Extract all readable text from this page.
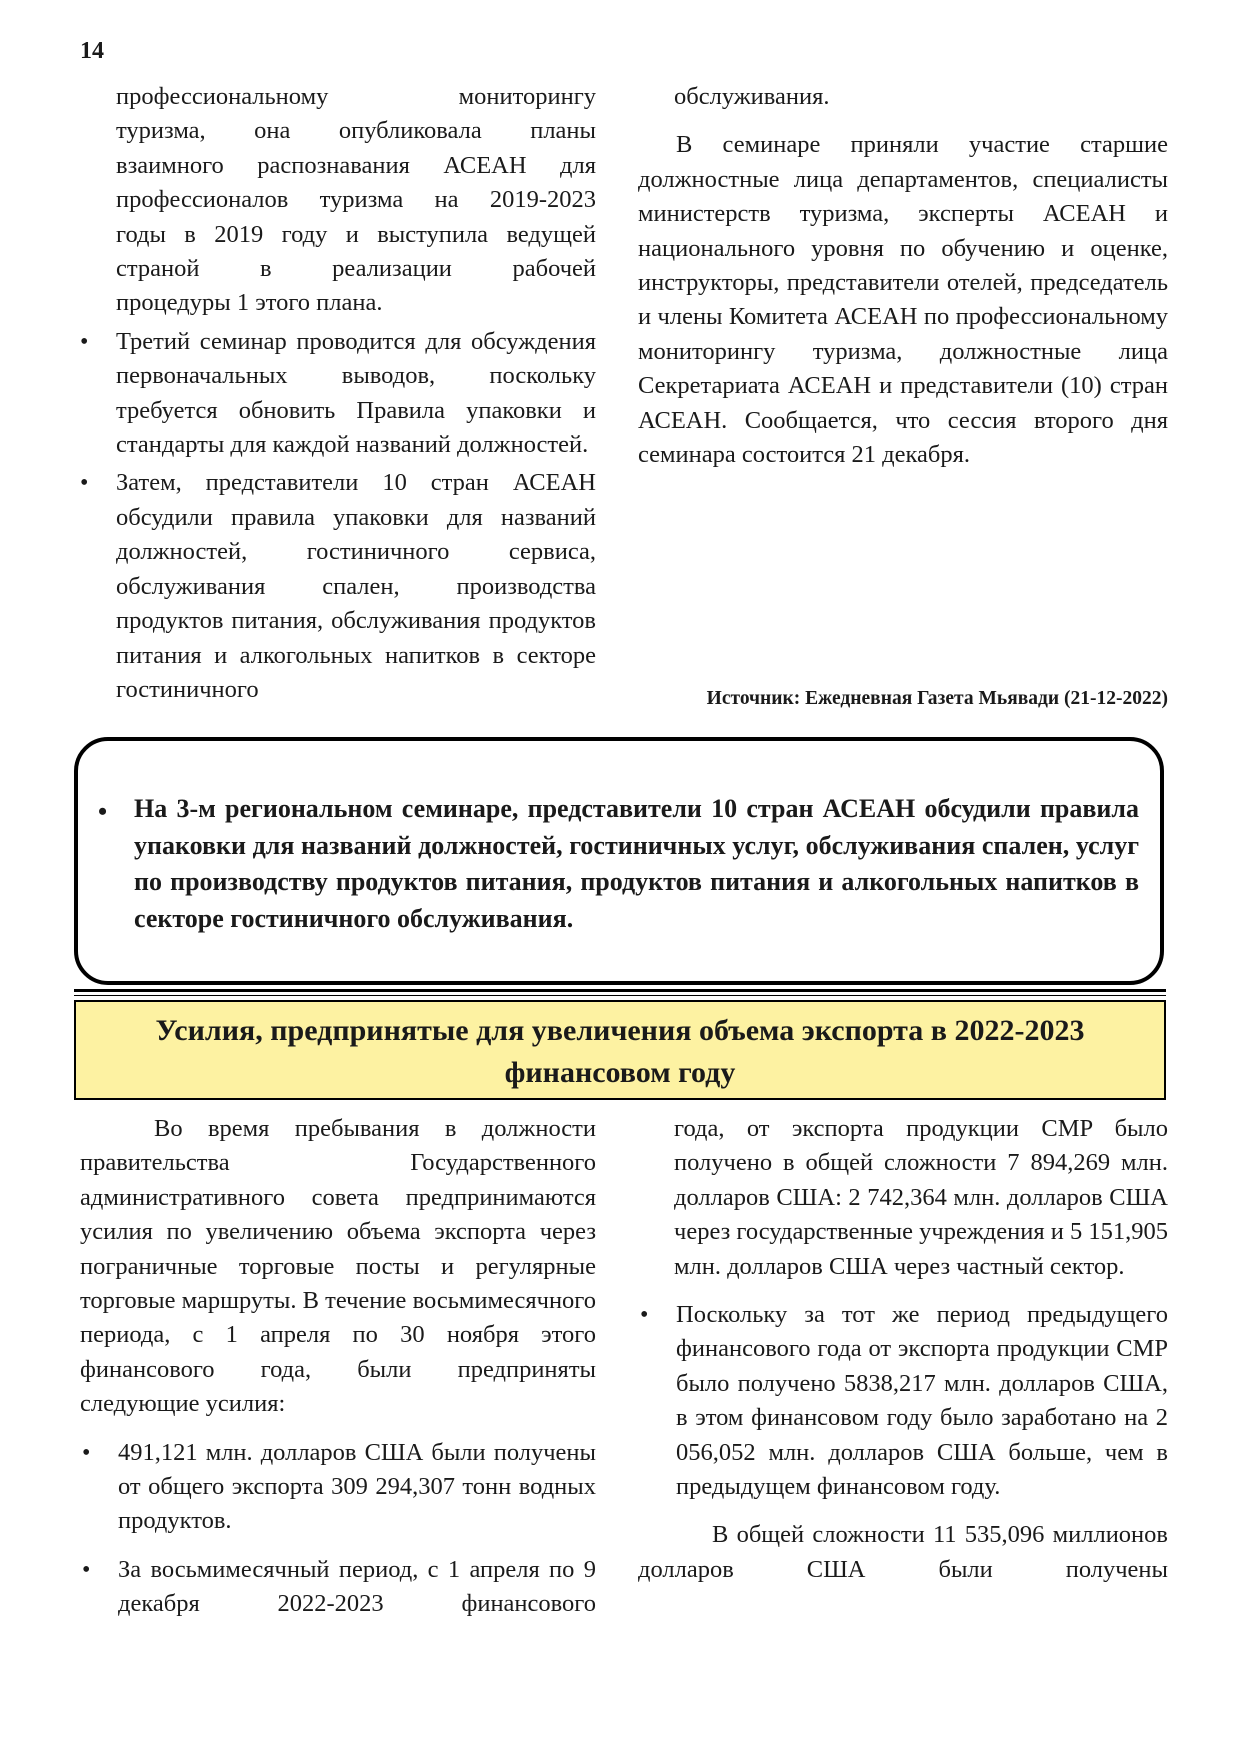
14

профессиональному мониторингу

туризма, она опубликовала планы

взаимного распознавания АСЕАН для

профессионалов туризма на 2019-2023

годы в 2019 году и выступила ведущей

страной в реализации рабочей

процедуры 1 этого плана.

• Третий семинар проводится для обсуждения первоначальных выводов, поскольку требуется обновить Правила упаковки и стандарты для каждой названий должностей.
• Затем, представители 10 стран АСЕАН обсудили правила упаковки для названий должностей, гостиничного сервиса, обслуживания спален, производства продуктов питания, обслуживания продуктов питания и алкогольных напитков в секторе гостиничного

обслуживания.

В семинаре приняли участие старшие должностные лица департаментов, специалисты министерств туризма, эксперты АСЕАН и национального уровня по обучению и оценке, инструкторы, представители отелей, председатель и члены Комитета АСЕАН по профессиональному мониторингу туризма, должностные лица Секретариата АСЕАН и представители (10) стран АСЕАН. Сообщается, что сессия второго дня семинара состоится 21 декабря.

Источник: Ежедневная Газета Мьявади (21-12-2022)
• На 3-м региональном семинаре, представители 10 стран АСЕАН обсудили правила упаковки для названий должностей, гостиничных услуг, обслуживания спален, услуг по производству продуктов питания, продуктов питания и алкогольных напитков в секторе гостиничного обслуживания.
Усилия, предпринятые для увеличения объема экспорта в 2022-2023
финансовом году

Во время пребывания в должности правительства Государственного административного совета предпринимаются усилия по увеличению объема экспорта через пограничные торговые посты и регулярные торговые маршруты. В течение восьмимесячного периода, с 1 апреля по 30 ноября этого финансового года, были предприняты следующие усилия:

• 491,121 млн. долларов США были получены от общего экспорта 309 294,307 тонн водных продуктов.
• За восьмимесячный период, с 1 апреля по 9 декабря 2022-2023 финансового

года, от экспорта продукции CMP было получено в общей сложности 7 894,269 млн. долларов США: 2 742,364 млн. долларов США через государственные учреждения и 5 151,905 млн. долларов США через частный сектор.

• Поскольку за тот же период предыдущего финансового года от экспорта продукции CMP было получено 5838,217 млн. долларов США, в этом финансовом году было заработано на 2 056,052 млн. долларов США больше, чем в предыдущем финансовом году.

В общей сложности 11 535,096 миллионов долларов США были получены
